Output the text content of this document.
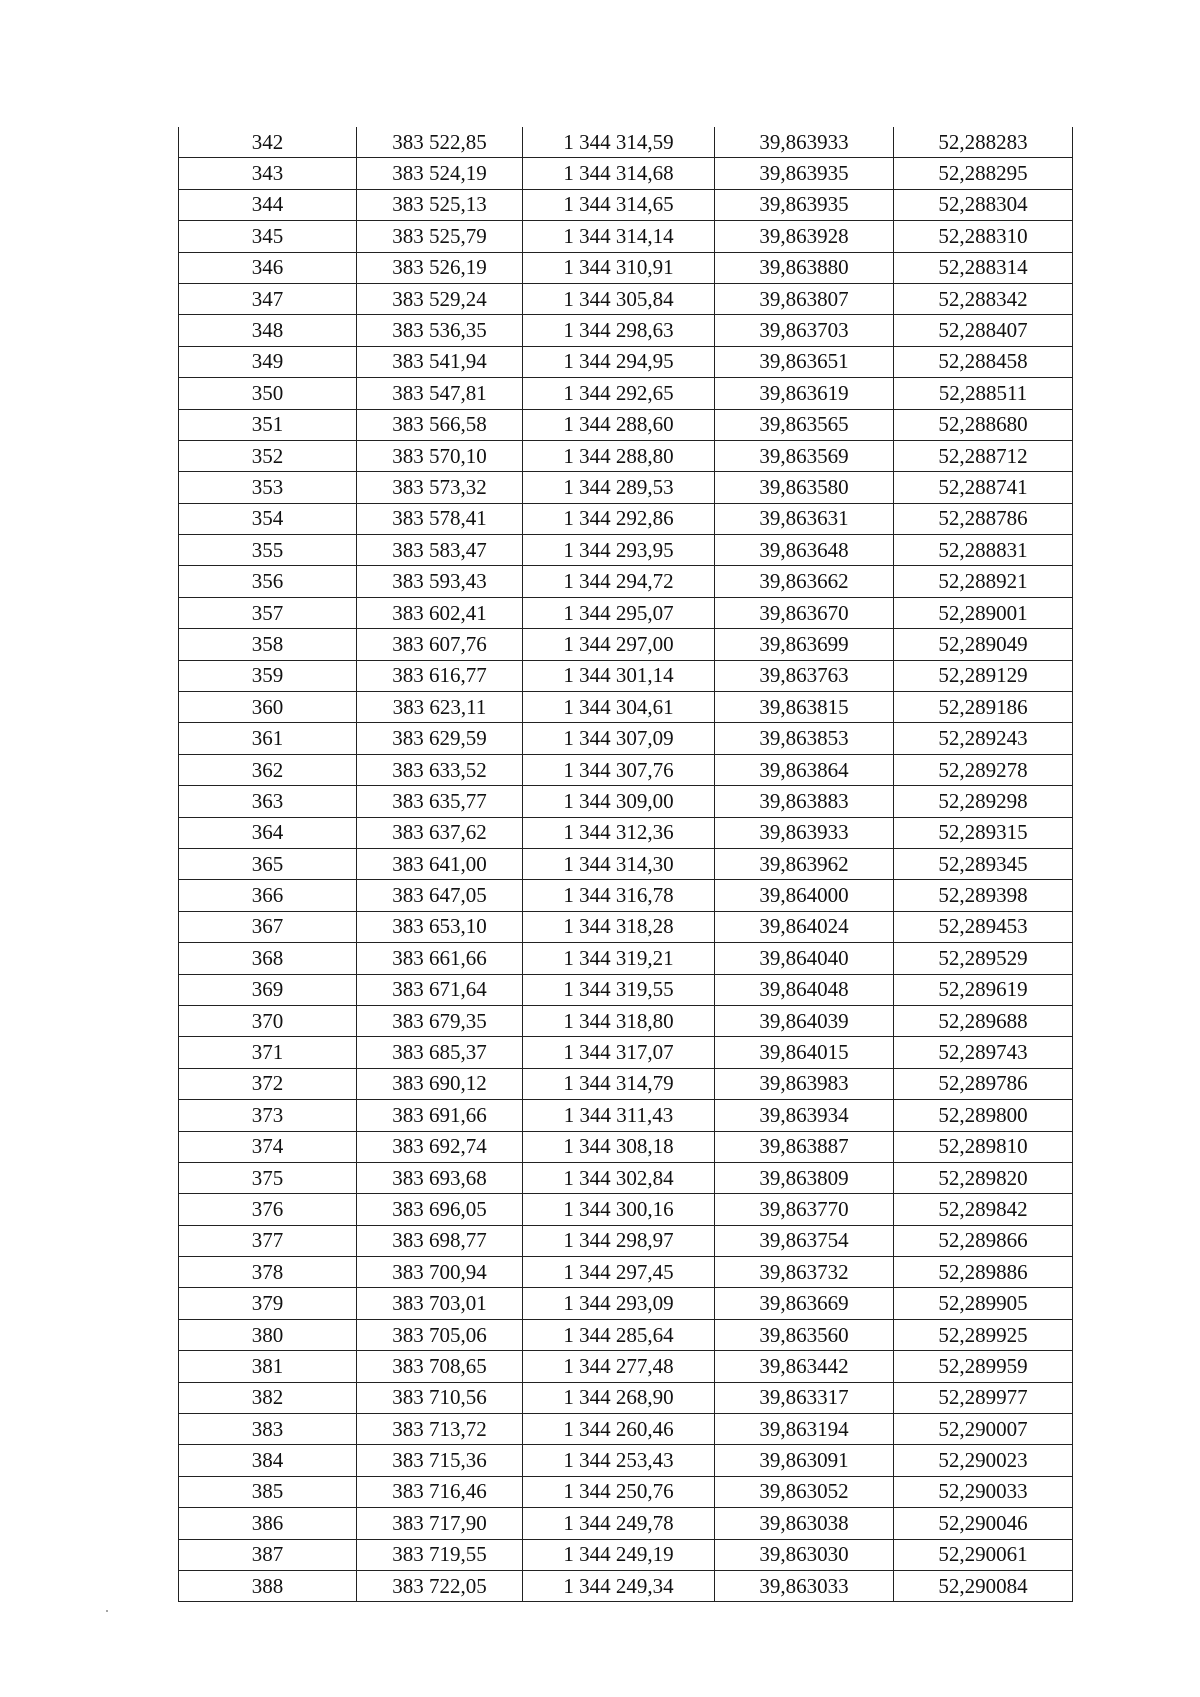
342	383 522,85	1 344 314,59	39,863933	52,288283
343	383 524,19	1 344 314,68	39,863935	52,288295
344	383 525,13	1 344 314,65	39,863935	52,288304
345	383 525,79	1 344 314,14	39,863928	52,288310
346	383 526,19	1 344 310,91	39,863880	52,288314
347	383 529,24	1 344 305,84	39,863807	52,288342
348	383 536,35	1 344 298,63	39,863703	52,288407
349	383 541,94	1 344 294,95	39,863651	52,288458
350	383 547,81	1 344 292,65	39,863619	52,288511
351	383 566,58	1 344 288,60	39,863565	52,288680
352	383 570,10	1 344 288,80	39,863569	52,288712
353	383 573,32	1 344 289,53	39,863580	52,288741
354	383 578,41	1 344 292,86	39,863631	52,288786
355	383 583,47	1 344 293,95	39,863648	52,288831
356	383 593,43	1 344 294,72	39,863662	52,288921
357	383 602,41	1 344 295,07	39,863670	52,289001
358	383 607,76	1 344 297,00	39,863699	52,289049
359	383 616,77	1 344 301,14	39,863763	52,289129
360	383 623,11	1 344 304,61	39,863815	52,289186
361	383 629,59	1 344 307,09	39,863853	52,289243
362	383 633,52	1 344 307,76	39,863864	52,289278
363	383 635,77	1 344 309,00	39,863883	52,289298
364	383 637,62	1 344 312,36	39,863933	52,289315
365	383 641,00	1 344 314,30	39,863962	52,289345
366	383 647,05	1 344 316,78	39,864000	52,289398
367	383 653,10	1 344 318,28	39,864024	52,289453
368	383 661,66	1 344 319,21	39,864040	52,289529
369	383 671,64	1 344 319,55	39,864048	52,289619
370	383 679,35	1 344 318,80	39,864039	52,289688
371	383 685,37	1 344 317,07	39,864015	52,289743
372	383 690,12	1 344 314,79	39,863983	52,289786
373	383 691,66	1 344 311,43	39,863934	52,289800
374	383 692,74	1 344 308,18	39,863887	52,289810
375	383 693,68	1 344 302,84	39,863809	52,289820
376	383 696,05	1 344 300,16	39,863770	52,289842
377	383 698,77	1 344 298,97	39,863754	52,289866
378	383 700,94	1 344 297,45	39,863732	52,289886
379	383 703,01	1 344 293,09	39,863669	52,289905
380	383 705,06	1 344 285,64	39,863560	52,289925
381	383 708,65	1 344 277,48	39,863442	52,289959
382	383 710,56	1 344 268,90	39,863317	52,289977
383	383 713,72	1 344 260,46	39,863194	52,290007
384	383 715,36	1 344 253,43	39,863091	52,290023
385	383 716,46	1 344 250,76	39,863052	52,290033
386	383 717,90	1 344 249,78	39,863038	52,290046
387	383 719,55	1 344 249,19	39,863030	52,290061
388	383 722,05	1 344 249,34	39,863033	52,290084
